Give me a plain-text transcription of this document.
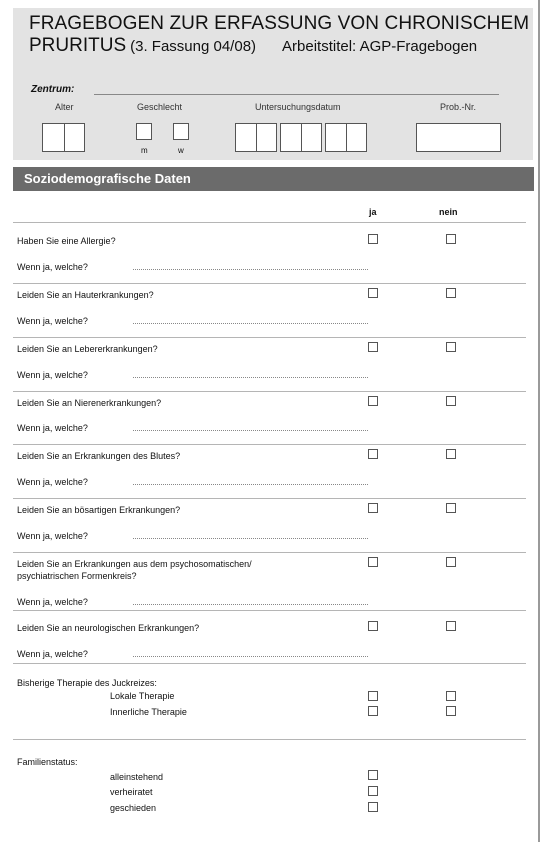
FRAGEBOGEN ZUR ERFASSUNG VON CHRONISCHEM
PRURITUS (3. Fassung 04/08) Arbeitstitel: AGP-Fragebogen
Zentrum:
Alter	Geschlecht	Untersuchungsdatum	Prob.-Nr.
m	w
Soziodemografische Daten
ja	nein
Haben Sie eine Allergie?
Wenn ja, welche?
Leiden Sie an Hauterkrankungen?
Wenn ja, welche?
Leiden Sie an Lebererkrankungen?
Wenn ja, welche?
Leiden Sie an Nierenerkrankungen?
Wenn ja, welche?
Leiden Sie an Erkrankungen des Blutes?
Wenn ja, welche?
Leiden Sie an bösartigen Erkrankungen?
Wenn ja, welche?
Leiden Sie an Erkrankungen aus dem psychosomatischen/
psychiatrischen Formenkreis?
Wenn ja, welche?
Leiden Sie an neurologischen Erkrankungen?
Wenn ja, welche?
Bisherige Therapie des Juckreizes:
Lokale Therapie
Innerliche Therapie
Familienstatus:
alleinstehend
verheiratet
geschieden
